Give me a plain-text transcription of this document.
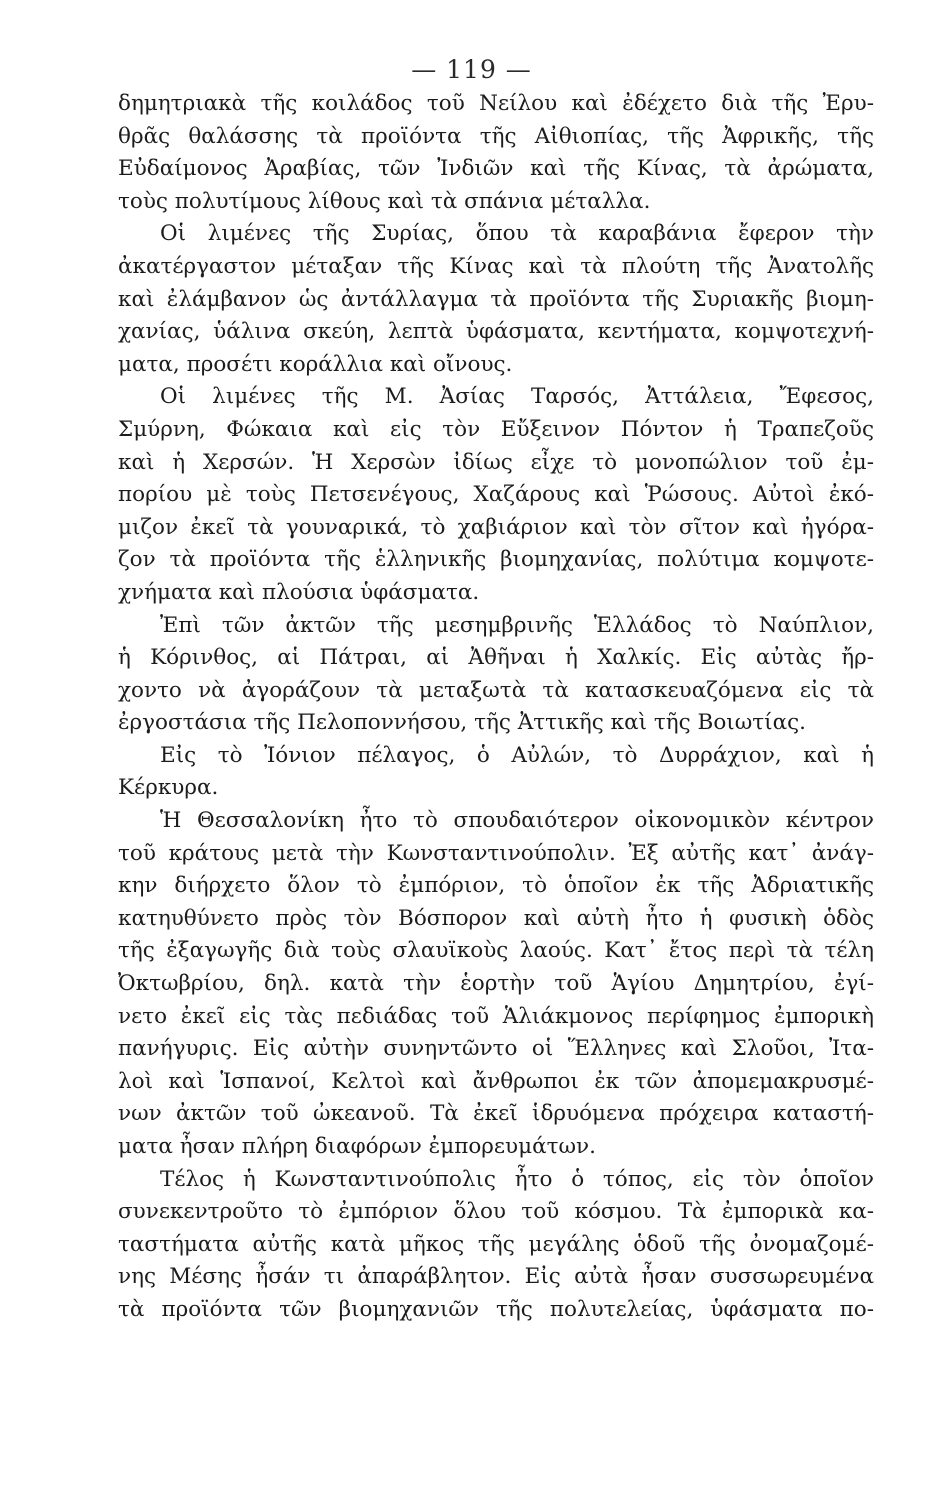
— 119 —
δημητριακὰ τῆς κοιλάδος τοῦ Νείλου καὶ ἐδέχετο διὰ τῆς Ἐρυ-
θρᾶς θαλάσσης τὰ προϊόντα τῆς Αἰθιοπίας, τῆς Ἀφρικῆς, τῆς
Εὐδαίμονος Ἀραβίας, τῶν Ἰνδιῶν καὶ τῆς Κίνας, τὰ ἀρώματα,
τοὺς πολυτίμους λίθους καὶ τὰ σπάνια μέταλλα.
Οἱ λιμένες τῆς Συρίας, ὅπου τὰ καραβάνια ἔφερον τὴν
ἀκατέργαστον μέταξαν τῆς Κίνας καὶ τὰ πλούτη τῆς Ἀνατολῆς
καὶ ἐλάμβανον ὡς ἀντάλλαγμα τὰ προϊόντα τῆς Συριακῆς βιομη-
χανίας, ὑάλινα σκεύη, λεπτὰ ὑφάσματα, κεντήματα, κομψοτεχνή-
ματα, προσέτι κοράλλια καὶ οἴνους.
Οἱ λιμένες τῆς Μ. Ἀσίας Ταρσός, Ἀττάλεια, Ἔφεσος,
Σμύρνη, Φώκαια καὶ εἰς τὸν Εὔξεινον Πόντον ἡ Τραπεζοῦς
καὶ ἡ Χερσών. Ἡ Χερσὼν ἰδίως εἶχε τὸ μονοπώλιον τοῦ ἐμ-
πορίου μὲ τοὺς Πετσενέγους, Χαζάρους καὶ Ῥώσους. Αὐτοὶ ἐκό-
μιζον ἐκεῖ τὰ γουναρικά, τὸ χαβιάριον καὶ τὸν σῖτον καὶ ἠγόρα-
ζον τὰ προϊόντα τῆς ἑλληνικῆς βιομηχανίας, πολύτιμα κομψοτε-
χνήματα καὶ πλούσια ὑφάσματα.
Ἐπὶ τῶν ἀκτῶν τῆς μεσημβρινῆς Ἑλλάδος τὸ Ναύπλιον,
ἡ Κόρινθος, αἱ Πάτραι, αἱ Ἀθῆναι ἡ Χαλκίς. Εἰς αὐτὰς ἤρ-
χοντο νὰ ἀγοράζουν τὰ μεταξωτὰ τὰ κατασκευαζόμενα εἰς τὰ
ἐργοστάσια τῆς Πελοποννήσου, τῆς Ἀττικῆς καὶ τῆς Βοιωτίας.
Εἰς τὸ Ἰόνιον πέλαγος, ὁ Αὐλών, τὸ Δυρράχιον, καὶ ἡ
Κέρκυρα.
Ἡ Θεσσαλονίκη ἦτο τὸ σπουδαιότερον οἰκονομικὸν κέντρον
τοῦ κράτους μετὰ τὴν Κωνσταντινούπολιν. Ἐξ αὐτῆς κατ᾽ ἀνάγ-
κην διήρχετο ὅλον τὸ ἐμπόριον, τὸ ὁποῖον ἐκ τῆς Ἀδριατικῆς
κατηυθύνετο πρὸς τὸν Βόσπορον καὶ αὐτὴ ἦτο ἡ φυσικὴ ὁδὸς
τῆς ἐξαγωγῆς διὰ τοὺς σλαυϊκοὺς λαούς. Κατ᾽ ἔτος περὶ τὰ τέλη
Ὀκτωβρίου, δηλ. κατὰ τὴν ἑορτὴν τοῦ Ἁγίου Δημητρίου, ἐγί-
νετο ἐκεῖ εἰς τὰς πεδιάδας τοῦ Ἁλιάκμονος περίφημος ἐμπορικὴ
πανήγυρις. Εἰς αὐτὴν συνηντῶντο οἱ Ἕλληνες καὶ Σλοῦοι, Ἰτα-
λοὶ καὶ Ἱσπανοί, Κελτοὶ καὶ ἄνθρωποι ἐκ τῶν ἀπομεμακρυσμέ-
νων ἀκτῶν τοῦ ὠκεανοῦ. Τὰ ἐκεῖ ἱδρυόμενα πρόχειρα καταστή-
ματα ἦσαν πλήρη διαφόρων ἐμπορευμάτων.
Τέλος ἡ Κωνσταντινούπολις ἦτο ὁ τόπος, εἰς τὸν ὁποῖον
συνεκεντροῦτο τὸ ἐμπόριον ὅλου τοῦ κόσμου. Τὰ ἐμπορικὰ κα-
ταστήματα αὐτῆς κατὰ μῆκος τῆς μεγάλης ὁδοῦ τῆς ὀνομαζομέ-
νης Μέσης ἦσάν τι ἀπαράβλητον. Εἰς αὐτὰ ἦσαν συσσωρευμένα
τὰ προϊόντα τῶν βιομηχανιῶν τῆς πολυτελείας, ὑφάσματα πο-
